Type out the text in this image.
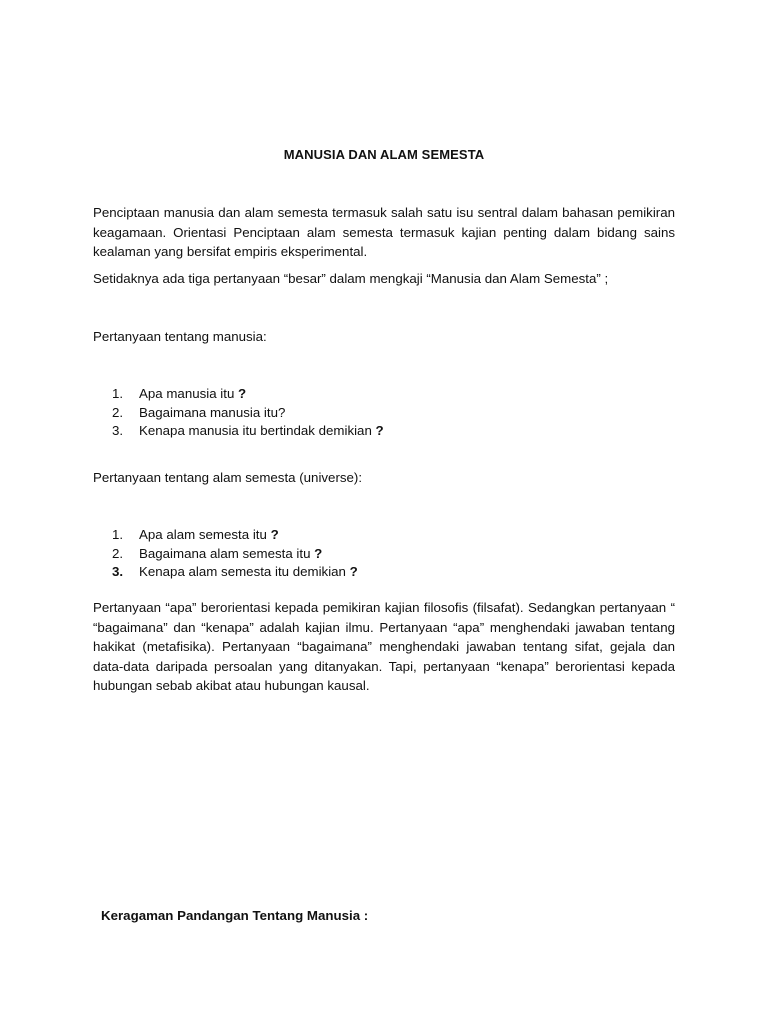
MANUSIA DAN ALAM SEMESTA

Penciptaan manusia dan alam semesta termasuk salah satu isu sentral dalam bahasan pemikiran keagamaan. Orientasi Penciptaan alam semesta termasuk kajian penting dalam bidang sains kealaman yang bersifat empiris eksperimental.

Setidaknya ada tiga pertanyaan “besar” dalam mengkaji “Manusia dan Alam Semesta” ;

Pertanyaan tentang manusia:

1. Apa manusia itu ?
2. Bagaimana manusia itu?
3. Kenapa manusia itu bertindak demikian ?

Pertanyaan tentang alam semesta (universe):

1. Apa alam semesta itu ?
2. Bagaimana alam semesta itu ?
3. Kenapa alam semesta itu demikian ?

Pertanyaan “apa” berorientasi kepada pemikiran kajian filosofis (filsafat). Sedangkan pertanyaan “ “bagaimana” dan “kenapa” adalah kajian ilmu. Pertanyaan “apa” menghendaki jawaban tentang hakikat (metafisika). Pertanyaan “bagaimana” menghendaki jawaban tentang sifat, gejala dan data-data daripada persoalan yang ditanyakan. Tapi, pertanyaan “kenapa” berorientasi kepada hubungan sebab akibat atau hubungan kausal.

Keragaman Pandangan Tentang Manusia :
